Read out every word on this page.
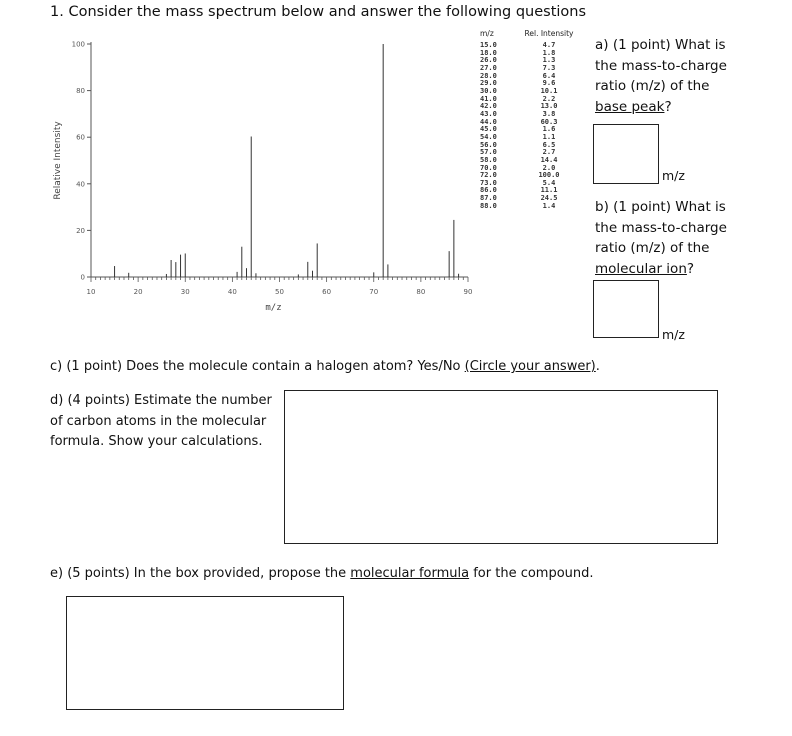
1. Consider the mass spectrum below and answer the following questions
0
20
40
60
80
100
10	20	30	40	50	60	70	80	90
m/z
Relative Intensity
m/z	Rel. Intensity
15.0	4.7
18.0	1.8
26.0	1.3
27.0	7.3
28.0	6.4
29.0	9.6
30.0	10.1
41.0	2.2
42.0	13.0
43.0	3.8
44.0	60.3
45.0	1.6
54.0	1.1
56.0	6.5
57.0	2.7
58.0	14.4
70.0	2.0
72.0	100.0
73.0	5.4
86.0	11.1
87.0	24.5
88.0	1.4
a) (1 point) What is the mass-to-charge ratio (m/z) of the base peak?
m/z
b) (1 point) What is the mass-to-charge ratio (m/z) of the molecular ion?
m/z
c) (1 point) Does the molecule contain a halogen atom? Yes/No (Circle your answer).
d) (4 points) Estimate the number of carbon atoms in the molecular formula. Show your calculations.
e) (5 points) In the box provided, propose the molecular formula for the compound.
